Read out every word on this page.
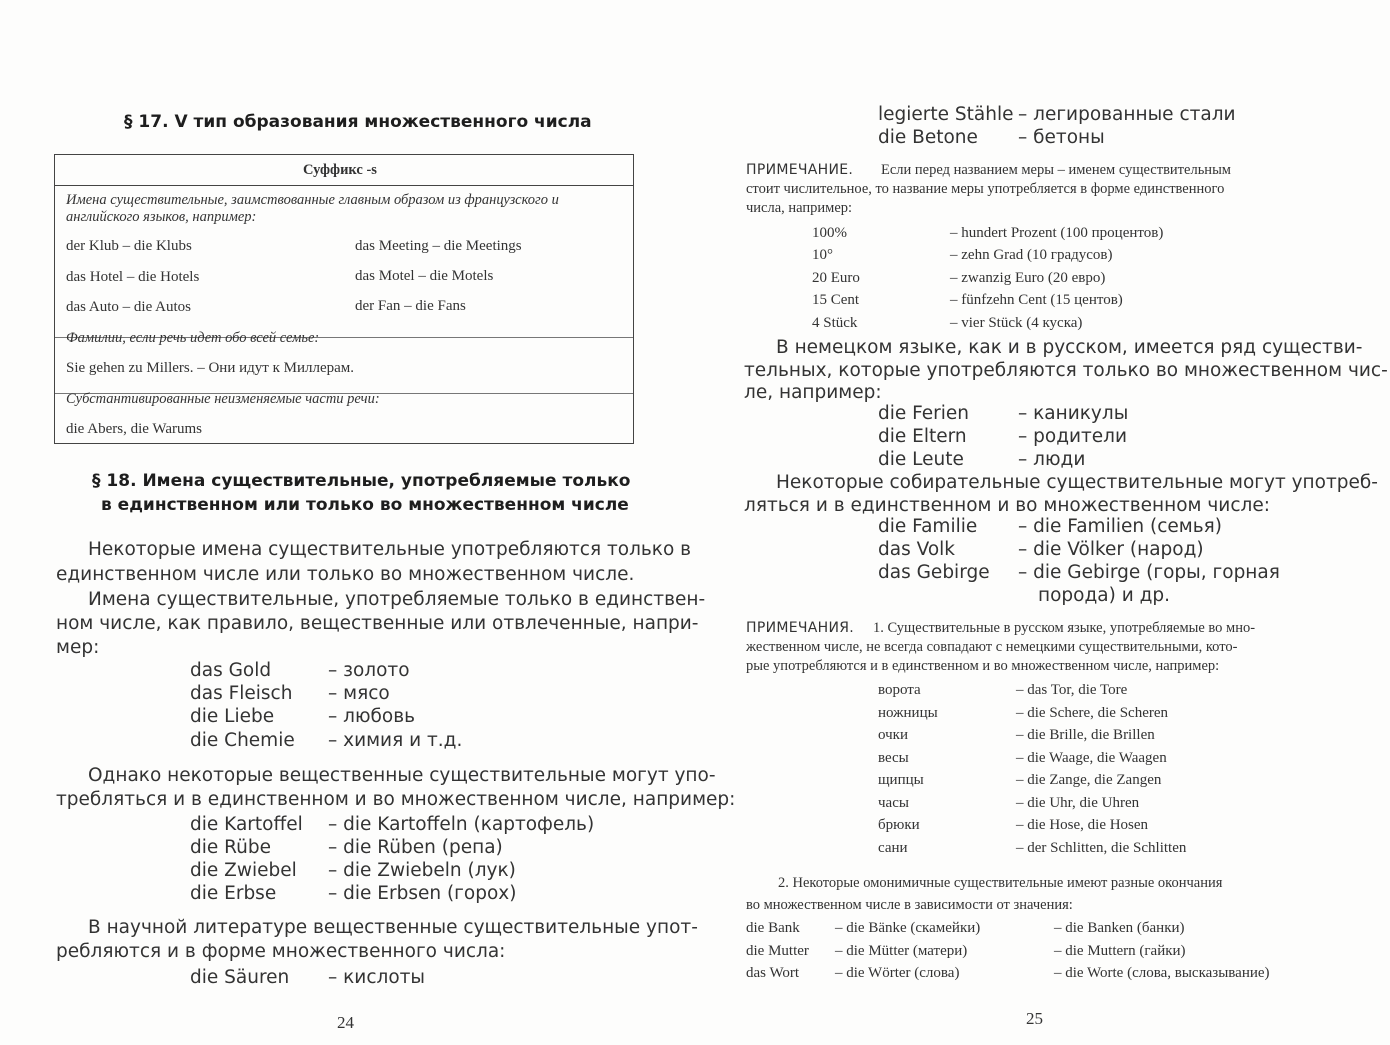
§ 17. V тип образования множественного числа
Суффикс -s
Имена существительные, заимствованные главным образом из французского и
английского языков, например:
der Klub – die Klubs	das Meeting – die Meetings
das Hotel – die Hotels	das Motel – die Motels
das Auto – die Autos	der Fan – die Fans
Фамилии, если речь идет обо всей семье:
Sie gehen zu Millers. – Они идут к Миллерам.
Субстантивированные неизменяемые части речи:
die Abers, die Warums
§ 18. Имена существительные, употребляемые только
в единственном или только во множественном числе
Некоторые имена существительные употребляются только в
единственном числе или только во множественном числе.
Имена существительные, употребляемые только в единствен-
ном числе, как правило, вещественные или отвлеченные, напри-
мер:
das Gold	– золото
das Fleisch – мясо
die Liebe	– любовь
die Chemie – химия и т.д.
Однако некоторые вещественные существительные могут упо-
требляться и в единственном и во множественном числе, например:
die Kartoffel – die Kartoffeln (картофель)
die Rübe	– die Rüben (репа)
die Zwiebel – die Zwiebeln (лук)
die Erbse	– die Erbsen (горох)
В научной литературе вещественные существительные упот-
ребляются и в форме множественного числа:
die Säuren – кислоты
24
legierte Stähle – легированные стали
die Betone – бетоны
ПРИМЕЧАНИЕ. Если перед названием меры – именем существительным
стоит числительное, то название меры употребляется в форме единственного
числа, например:
100%	– hundert Prozent (100 процентов)
10°	– zehn Grad (10 градусов)
20 Euro	– zwanzig Euro (20 евро)
15 Cent	– fünfzehn Cent (15 центов)
4 Stück	– vier Stück (4 куска)
В немецком языке, как и в русском, имеется ряд существи-
тельных, которые употребляются только во множественном чис-
ле, например:
die Ferien	– каникулы
die Eltern	– родители
die Leute	– люди
Некоторые собирательные существительные могут употреб-
ляться и в единственном и во множественном числе:
die Familie – die Familien (семья)
das Volk	– die Völker (народ)
das Gebirge – die Gebirge (горы, горная
порода) и др.
ПРИМЕЧАНИЯ. 1. Существительные в русском языке, употребляемые во мно-
жественном числе, не всегда совпадают с немецкими существительными, кото-
рые употребляются и в единственном и во множественном числе, например:
ворота	– das Tor, die Tore
ножницы	– die Schere, die Scheren
очки	– die Brille, die Brillen
весы	– die Waage, die Waagen
щипцы	– die Zange, die Zangen
часы	– die Uhr, die Uhren
брюки	– die Hose, die Hosen
сани	– der Schlitten, die Schlitten
2. Некоторые омонимичные существительные имеют разные окончания
во множественном числе в зависимости от значения:
die Bank – die Bänke (скамейки)	– die Banken (банки)
die Mutter – die Mütter (матери)	– die Muttern (гайки)
das Wort – die Wörter (слова)	– die Worte (слова, высказывание)
25
